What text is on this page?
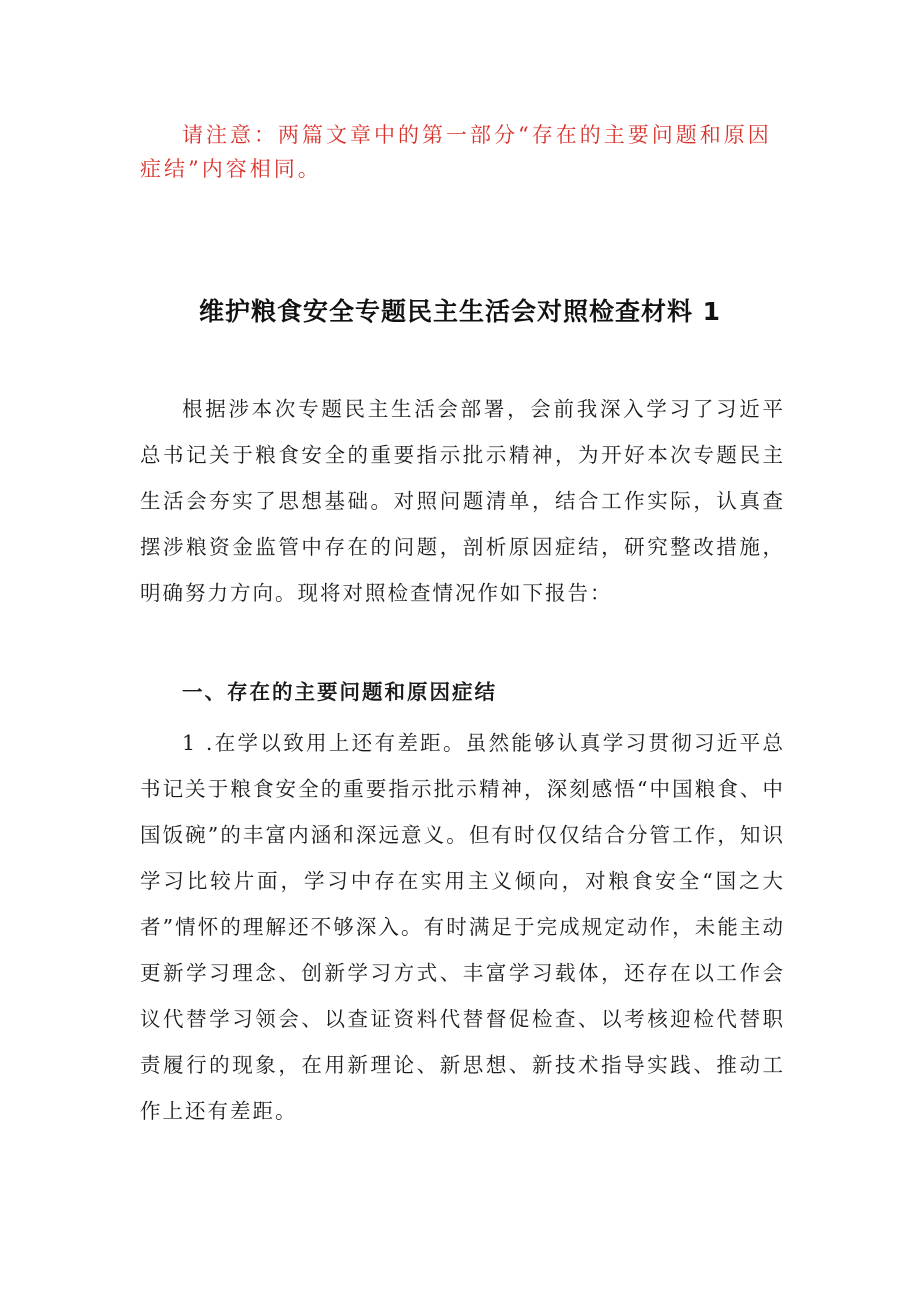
请注意：两篇文章中的第一部分“存在的主要问题和原因症结”内容相同。

维护粮食安全专题民主生活会对照检查材料 1

根据涉本次专题民主生活会部署，会前我深入学习了习近平总书记关于粮食安全的重要指示批示精神，为开好本次专题民主生活会夯实了思想基础。对照问题清单，结合工作实际，认真查摆涉粮资金监管中存在的问题，剖析原因症结，研究整改措施，明确努力方向。现将对照检查情况作如下报告：

一、存在的主要问题和原因症结

1 .在学以致用上还有差距。虽然能够认真学习贯彻习近平总书记关于粮食安全的重要指示批示精神，深刻感悟“中国粮食、中国饭碗”的丰富内涵和深远意义。但有时仅仅结合分管工作，知识学习比较片面，学习中存在实用主义倾向，对粮食安全“国之大者”情怀的理解还不够深入。有时满足于完成规定动作，未能主动更新学习理念、创新学习方式、丰富学习载体，还存在以工作会议代替学习领会、以查证资料代替督促检查、以考核迎检代替职责履行的现象，在用新理论、新思想、新技术指导实践、推动工作上还有差距。
